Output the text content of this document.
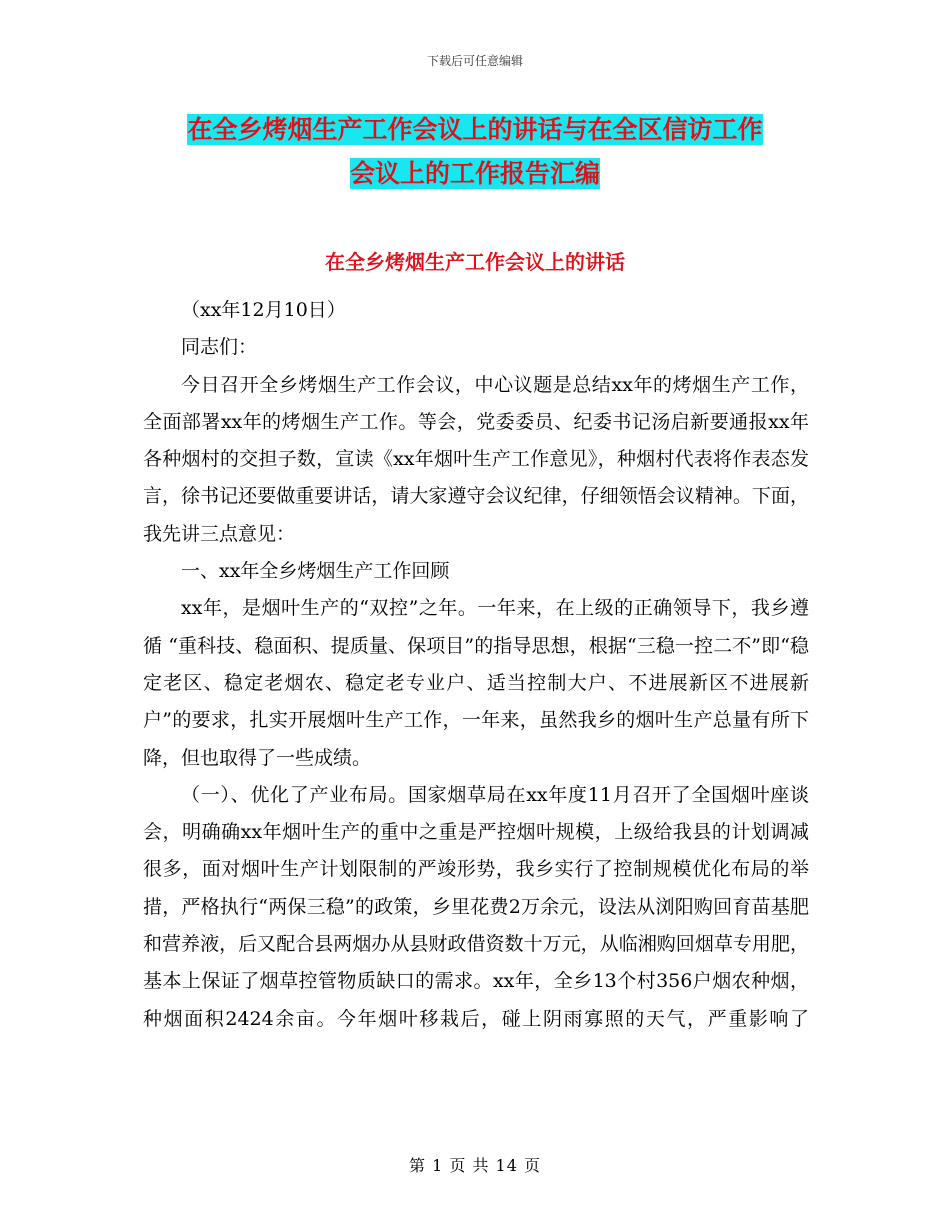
下载后可任意编辑
在全乡烤烟生产工作会议上的讲话与在全区信访工作
会议上的工作报告汇编
在全乡烤烟生产工作会议上的讲话

（xx年12月10日）

同志们：

今日召开全乡烤烟生产工作会议，中心议题是总结xx年的烤烟生产工作，全面部署xx年的烤烟生产工作。等会，党委委员、纪委书记汤启新要通报xx年各种烟村的交担子数，宣读《xx年烟叶生产工作意见》，种烟村代表将作表态发言，徐书记还要做重要讲话，请大家遵守会议纪律，仔细领悟会议精神。下面，我先讲三点意见：

一、xx年全乡烤烟生产工作回顾

xx年，是烟叶生产的“双控”之年。一年来，在上级的正确领导下，我乡遵循 “重科技、稳面积、提质量、保项目”的指导思想，根据“三稳一控二不”即“稳定老区、稳定老烟农、稳定老专业户、适当控制大户、不进展新区不进展新户”的要求，扎实开展烟叶生产工作，一年来，虽然我乡的烟叶生产总量有所下降，但也取得了一些成绩。

（一）、优化了产业布局。国家烟草局在xx年度11月召开了全国烟叶座谈会，明确确xx年烟叶生产的重中之重是严控烟叶规模，上级给我县的计划调减很多，面对烟叶生产计划限制的严竣形势，我乡实行了控制规模优化布局的举措，严格执行“两保三稳”的政策，乡里花费2万余元，设法从浏阳购回育苗基肥和营养液，后又配合县两烟办从县财政借资数十万元，从临湘购回烟草专用肥，基本上保证了烟草控管物质缺口的需求。xx年，全乡13个村356户烟农种烟，种烟面积2424余亩。今年烟叶移栽后，碰上阴雨寡照的天气，严重影响了

第 1 页 共 14 页
